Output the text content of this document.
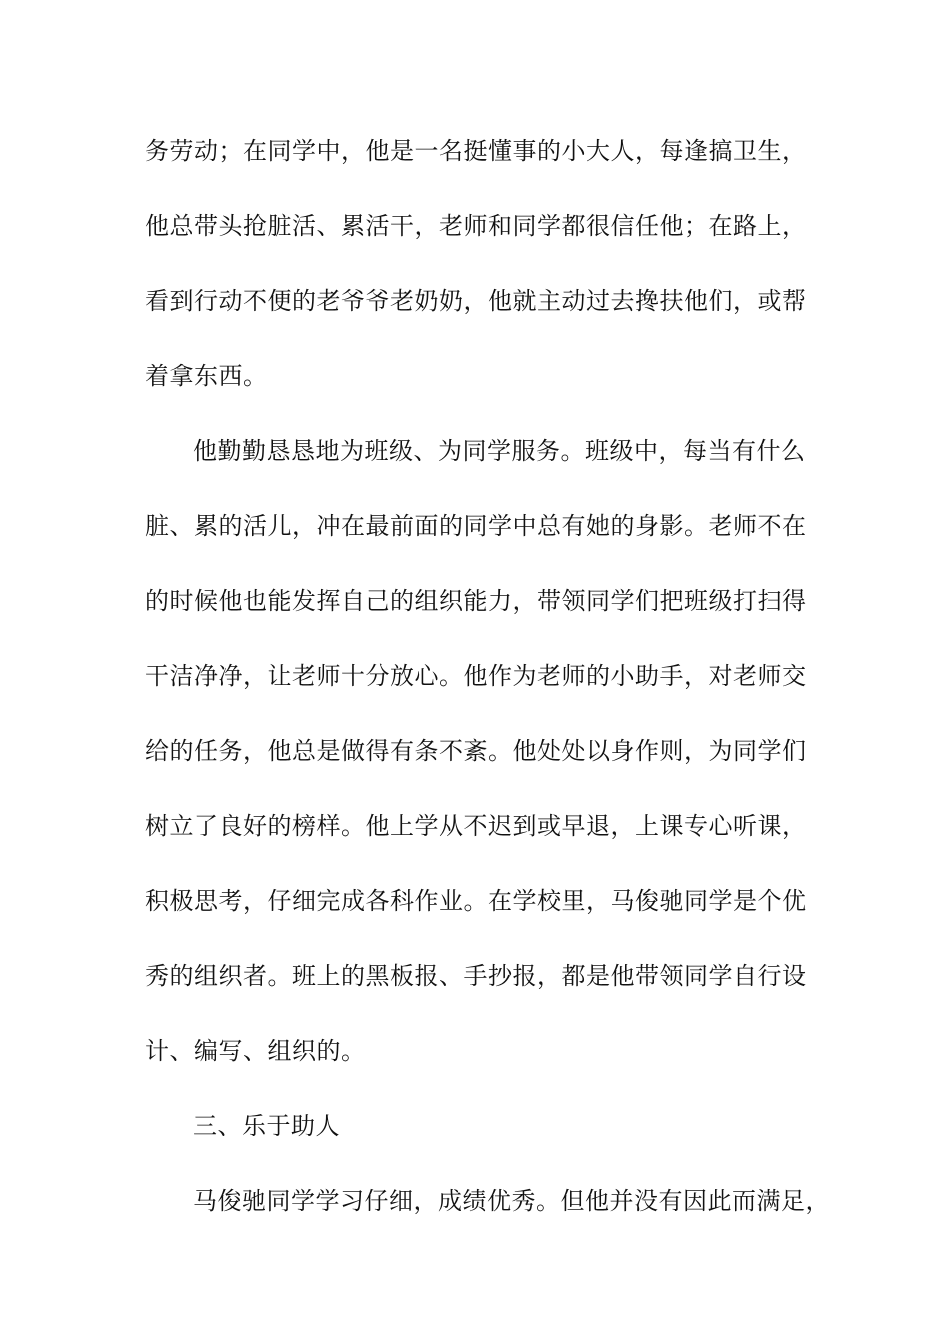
务劳动；在同学中，他是一名挺懂事的小大人，每逢搞卫生，
他总带头抢脏活、累活干，老师和同学都很信任他；在路上，
看到行动不便的老爷爷老奶奶，他就主动过去搀扶他们，或帮
着拿东西。
他勤勤恳恳地为班级、为同学服务。班级中，每当有什么
脏、累的活儿，冲在最前面的同学中总有她的身影。老师不在
的时候他也能发挥自己的组织能力，带领同学们把班级打扫得
干洁净净，让老师十分放心。他作为老师的小助手，对老师交
给的任务，他总是做得有条不紊。他处处以身作则，为同学们
树立了良好的榜样。他上学从不迟到或早退，上课专心听课，
积极思考，仔细完成各科作业。在学校里，马俊驰同学是个优
秀的组织者。班上的黑板报、手抄报，都是他带领同学自行设
计、编写、组织的。
三、乐于助人
马俊驰同学学习仔细，成绩优秀。但他并没有因此而满足，
